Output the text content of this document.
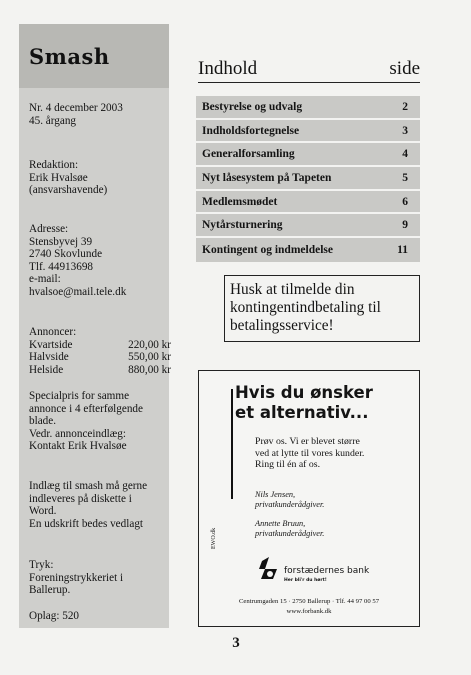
Smash
Nr. 4 december 2003
45. årgang
Redaktion:
Erik Hvalsøe
(ansvarshavende)
Adresse:
Stensbyvej 39
2740 Skovlunde
Tlf. 44913698
e-mail:
hvalsoe@mail.tele.dk
Annoncer:
Kvartside	220,00 kr
Halvside	550,00 kr
Helside	880,00 kr
Specialpris for samme
annonce i 4 efterfølgende
blade.
Vedr. annonceindlæg:
Kontakt Erik Hvalsøe
Indlæg til smash må gerne
indleveres på diskette i
Word.
En udskrift bedes vedlagt
Tryk:
Foreningstrykkeriet i
Ballerup.
Oplag: 520
Indhold	side
Bestyrelse og udvalg	2
Indholdsfortegnelse	3
Generalforsamling	4
Nyt låsesystem på Tapeten	5
Medlemsmødet	6
Nytårsturnering	9
Kontingent og indmeldelse	11
Husk at tilmelde din
kontingentindbetaling til
betalingsservice!
Hvis du ønsker
et alternativ...
Prøv os. Vi er blevet større
ved at lytte til vores kunder.
Ring til én af os.
Nils Jensen,
privatkunderådgiver.
Annette Bruun,
privatkunderådgiver.
EWO.dk
forstædernes bank
Her bli'r du hørt!
Centrumgaden 15 · 2750 Ballerup · Tlf. 44 97 00 57
www.forbank.dk
3
